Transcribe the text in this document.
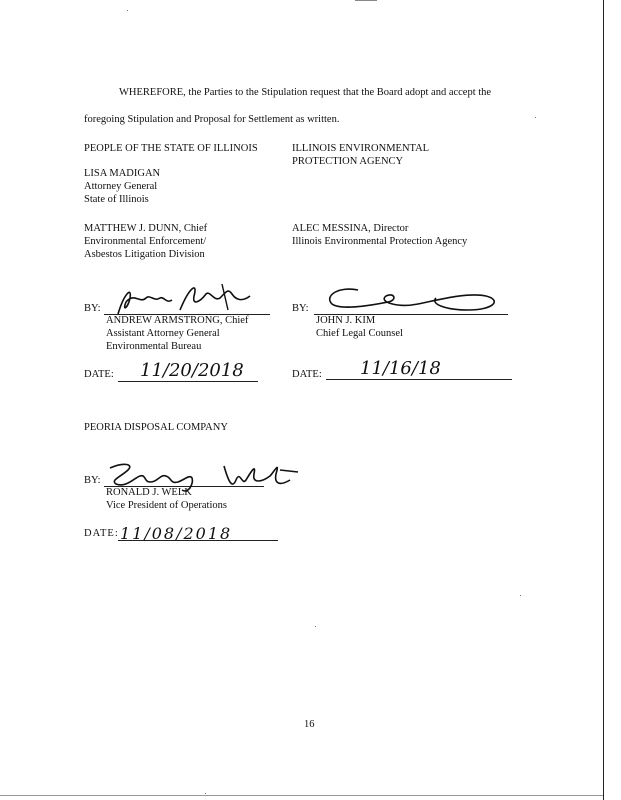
WHEREFORE, the Parties to the Stipulation request that the Board adopt and accept the
foregoing Stipulation and Proposal for Settlement as written.
PEOPLE OF THE STATE OF ILLINOIS
LISA MADIGAN
Attorney General
State of Illinois
MATTHEW J. DUNN, Chief
Environmental Enforcement/
Asbestos Litigation Division
ILLINOIS ENVIRONMENTAL
PROTECTION AGENCY
ALEC MESSINA, Director
Illinois Environmental Protection Agency
BY:
ANDREW ARMSTRONG, Chief
Assistant Attorney General
Environmental Bureau
DATE: 11/20/2018
BY:
JOHN J. KIM
Chief Legal Counsel
DATE: 11/16/18
PEORIA DISPOSAL COMPANY
BY:
RONALD J. WELK
Vice President of Operations
DATE: 11/08/2018
16
